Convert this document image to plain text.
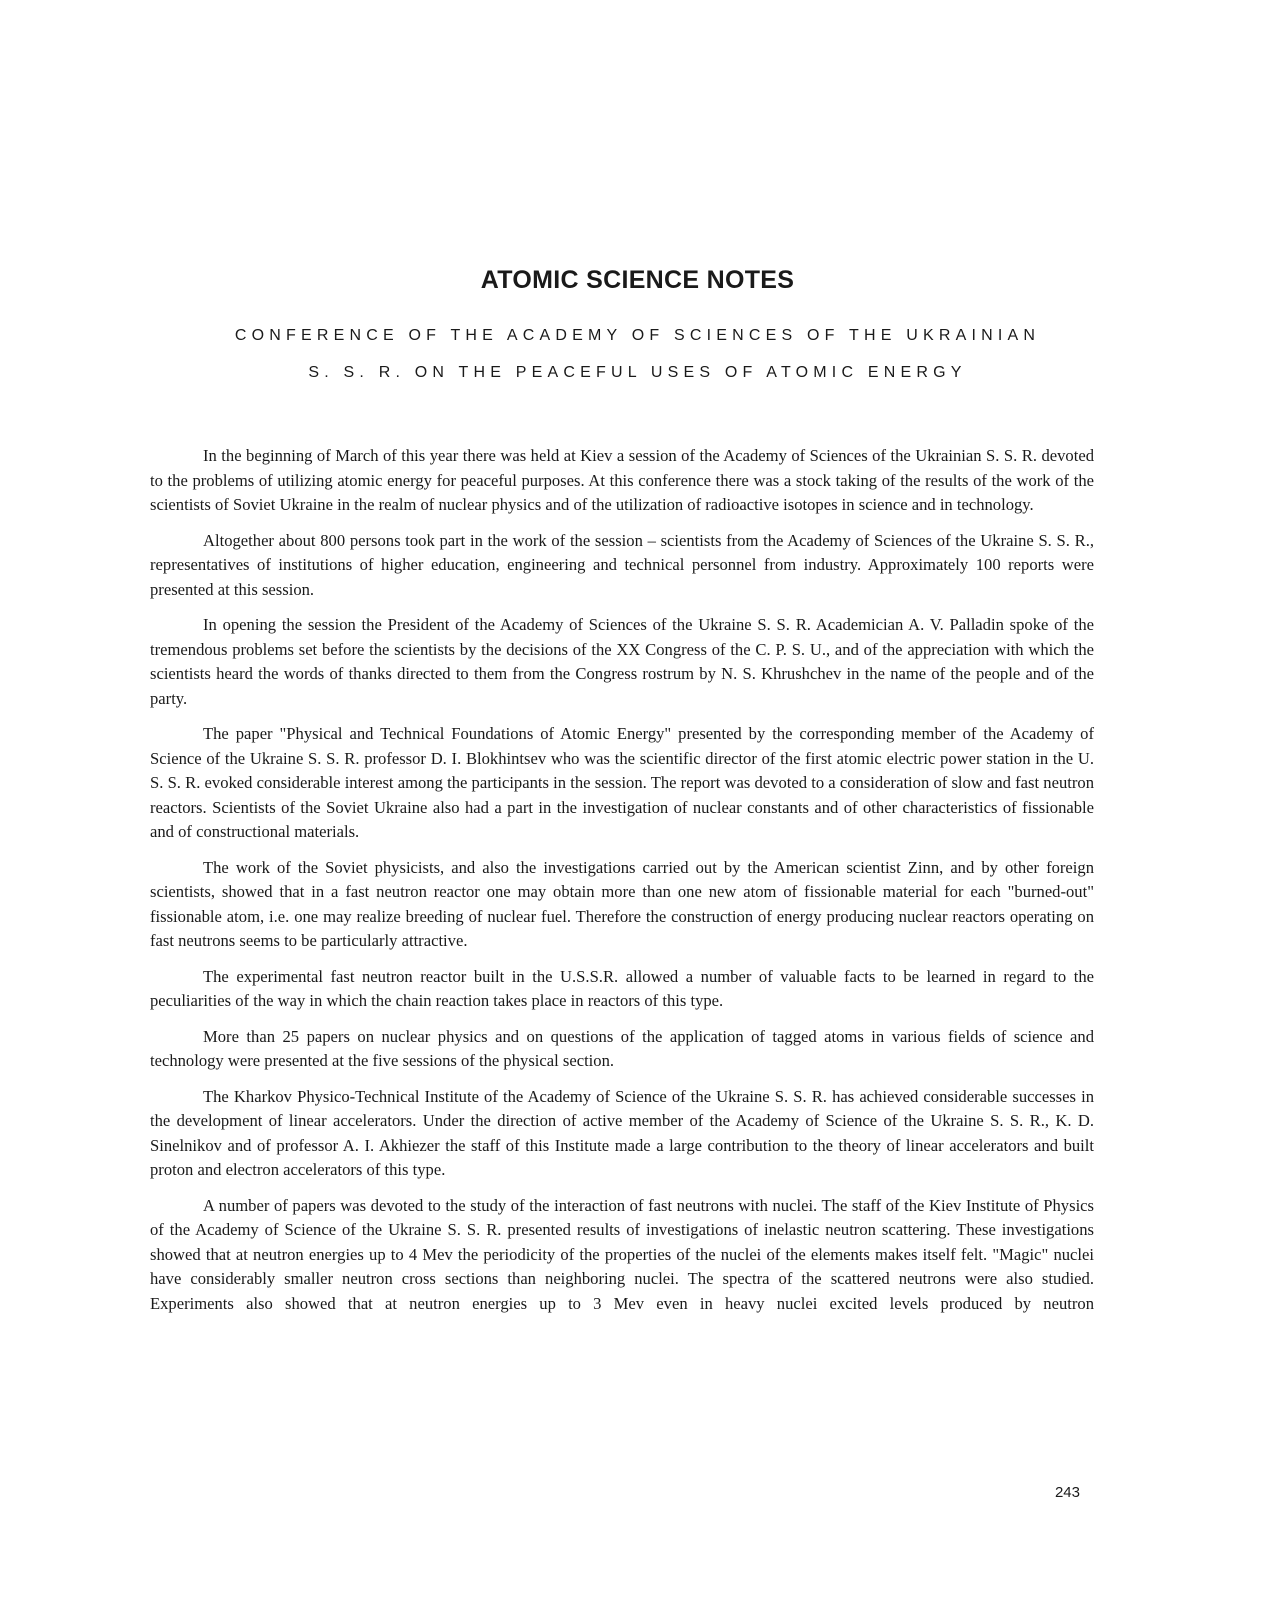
ATOMIC SCIENCE NOTES
CONFERENCE OF THE ACADEMY OF SCIENCES OF THE UKRAINIAN
S. S. R. ON THE PEACEFUL USES OF ATOMIC ENERGY

In the beginning of March of this year there was held at Kiev a session of the Academy of Sciences of the Ukrainian S. S. R. devoted to the problems of utilizing atomic energy for peaceful purposes. At this conference there was a stock taking of the results of the work of the scientists of Soviet Ukraine in the realm of nuclear physics and of the utilization of radioactive isotopes in science and in technology.

Altogether about 800 persons took part in the work of the session – scientists from the Academy of Sciences of the Ukraine S. S. R., representatives of institutions of higher education, engineering and technical personnel from industry. Approximately 100 reports were presented at this session.

In opening the session the President of the Academy of Sciences of the Ukraine S. S. R. Academician A. V. Palladin spoke of the tremendous problems set before the scientists by the decisions of the XX Congress of the C. P. S. U., and of the appreciation with which the scientists heard the words of thanks directed to them from the Congress rostrum by N. S. Khrushchev in the name of the people and of the party.

The paper "Physical and Technical Foundations of Atomic Energy" presented by the corresponding member of the Academy of Science of the Ukraine S. S. R. professor D. I. Blokhintsev who was the scientific director of the first atomic electric power station in the U. S. S. R. evoked considerable interest among the participants in the session. The report was devoted to a consideration of slow and fast neutron reactors. Scientists of the Soviet Ukraine also had a part in the investigation of nuclear constants and of other characteristics of fissionable and of constructional materials.

The work of the Soviet physicists, and also the investigations carried out by the American scientist Zinn, and by other foreign scientists, showed that in a fast neutron reactor one may obtain more than one new atom of fissionable material for each "burned-out" fissionable atom, i.e. one may realize breeding of nuclear fuel. Therefore the construction of energy producing nuclear reactors operating on fast neutrons seems to be particularly attractive.

The experimental fast neutron reactor built in the U.S.S.R. allowed a number of valuable facts to be learned in regard to the peculiarities of the way in which the chain reaction takes place in reactors of this type.

More than 25 papers on nuclear physics and on questions of the application of tagged atoms in various fields of science and technology were presented at the five sessions of the physical section.

The Kharkov Physico-Technical Institute of the Academy of Science of the Ukraine S. S. R. has achieved considerable successes in the development of linear accelerators. Under the direction of active member of the Academy of Science of the Ukraine S. S. R., K. D. Sinelnikov and of professor A. I. Akhiezer the staff of this Institute made a large contribution to the theory of linear accelerators and built proton and electron accelerators of this type.

A number of papers was devoted to the study of the interaction of fast neutrons with nuclei. The staff of the Kiev Institute of Physics of the Academy of Science of the Ukraine S. S. R. presented results of investigations of inelastic neutron scattering. These investigations showed that at neutron energies up to 4 Mev the periodicity of the properties of the nuclei of the elements makes itself felt. "Magic" nuclei have considerably smaller neutron cross sections than neighboring nuclei. The spectra of the scattered neutrons were also studied. Experiments also showed that at neutron energies up to 3 Mev even in heavy nuclei excited levels produced by neutron

243
